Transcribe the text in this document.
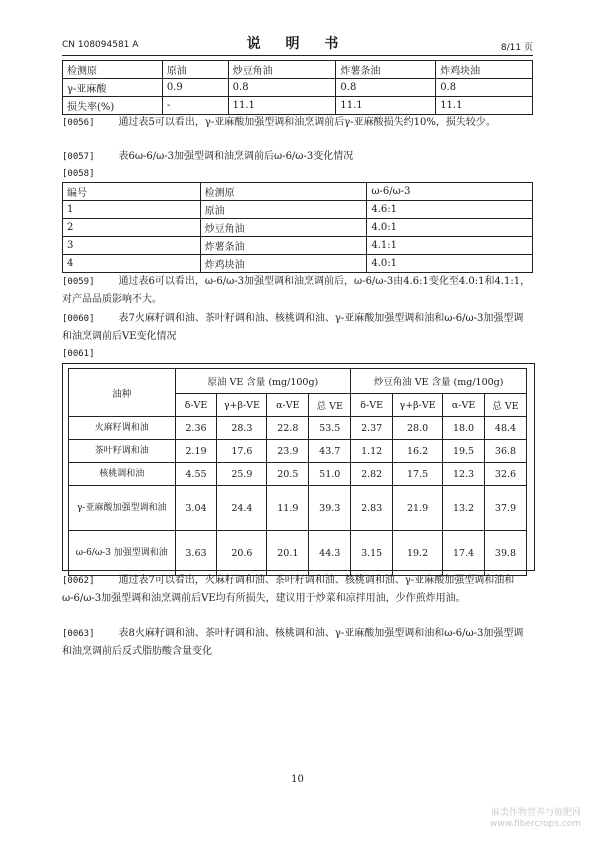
CN 108094581 A	说 明 书	8/11 页
检测原	原油	炒豆角油	炸薯条油	炸鸡块油
γ-亚麻酸	0.9	0.8	0.8	0.8
损失率(%)	-	11.1	11.1	11.1
[0056] 通过表5可以看出，γ-亚麻酸加强型调和油烹调前后γ-亚麻酸损失约10%，损失较少。
[0057] 表6ω-6/ω-3加强型调和油烹调前后ω-6/ω-3变化情况
[0058]
编号	检测原	ω-6/ω-3
1	原油	4.6:1
2	炒豆角油	4.0:1
3	炸薯条油	4.1:1
4	炸鸡块油	4.0:1
[0059] 通过表6可以看出，ω-6/ω-3加强型调和油烹调前后，ω-6/ω-3由4.6:1变化至4.0:1和4.1:1，对产品品质影响不大。
[0060] 表7火麻籽调和油、茶叶籽调和油、核桃调和油、γ-亚麻酸加强型调和油和ω-6/ω-3加强型调和油烹调前后VE变化情况
[0061]
油种	原油 VE 含量 (mg/100g)				炒豆角油 VE 含量 (mg/100g)			
	δ-VE	γ+β-VE	α-VE	总 VE	δ-VE	γ+β-VE	α-VE	总 VE
火麻籽调和油	2.36	28.3	22.8	53.5	2.37	28.0	18.0	48.4
茶叶籽调和油	2.19	17.6	23.9	43.7	1.12	16.2	19.5	36.8
核桃调和油	4.55	25.9	20.5	51.0	2.82	17.5	12.3	32.6
γ-亚麻酸加强型调和油	3.04	24.4	11.9	39.3	2.83	21.9	13.2	37.9
ω-6/ω-3 加强型调和油	3.63	20.6	20.1	44.3	3.15	19.2	17.4	39.8
[0062] 通过表7可以看出，火麻籽调和油、茶叶籽调和油、核桃调和油、γ-亚麻酸加强型调和油和ω-6/ω-3加强型调和油烹调前后VE均有所损失，建议用于炒菜和凉拌用油，少作煎炸用油。
[0063] 表8火麻籽调和油、茶叶籽调和油、核桃调和油、γ-亚麻酸加强型调和油和ω-6/ω-3加强型调和油烹调前后反式脂肪酸含量变化
10
麻类作物营养与施肥网
www.fibercrops.com
